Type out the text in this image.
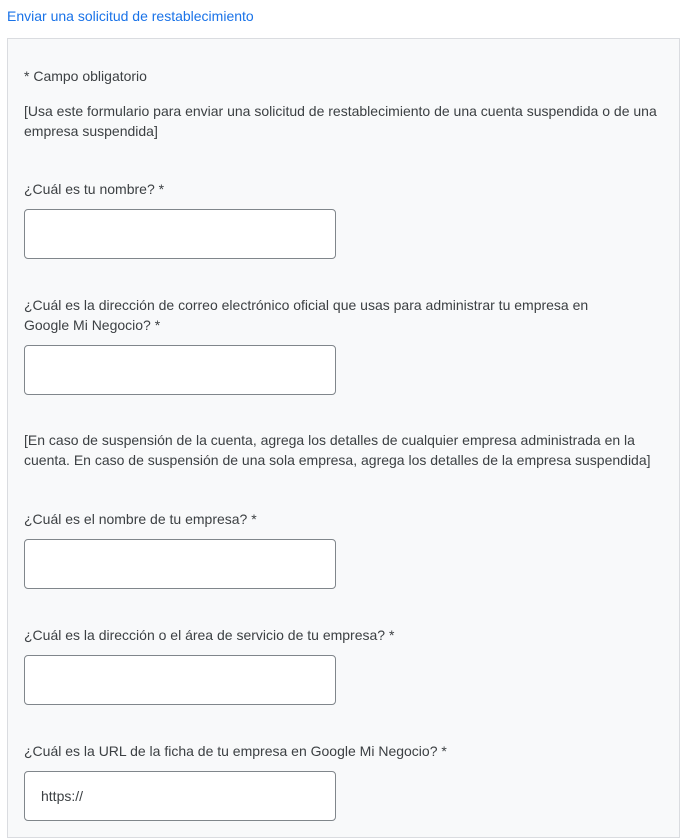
Enviar una solicitud de restablecimiento

* Campo obligatorio

[Usa este formulario para enviar una solicitud de restablecimiento de una cuenta suspendida o de una empresa suspendida]

¿Cuál es tu nombre? *

¿Cuál es la dirección de correo electrónico oficial que usas para administrar tu empresa en Google Mi Negocio? *

[En caso de suspensión de la cuenta, agrega los detalles de cualquier empresa administrada en la cuenta. En caso de suspensión de una sola empresa, agrega los detalles de la empresa suspendida]

¿Cuál es el nombre de tu empresa? *

¿Cuál es la dirección o el área de servicio de tu empresa? *

¿Cuál es la URL de la ficha de tu empresa en Google Mi Negocio? *

https://
